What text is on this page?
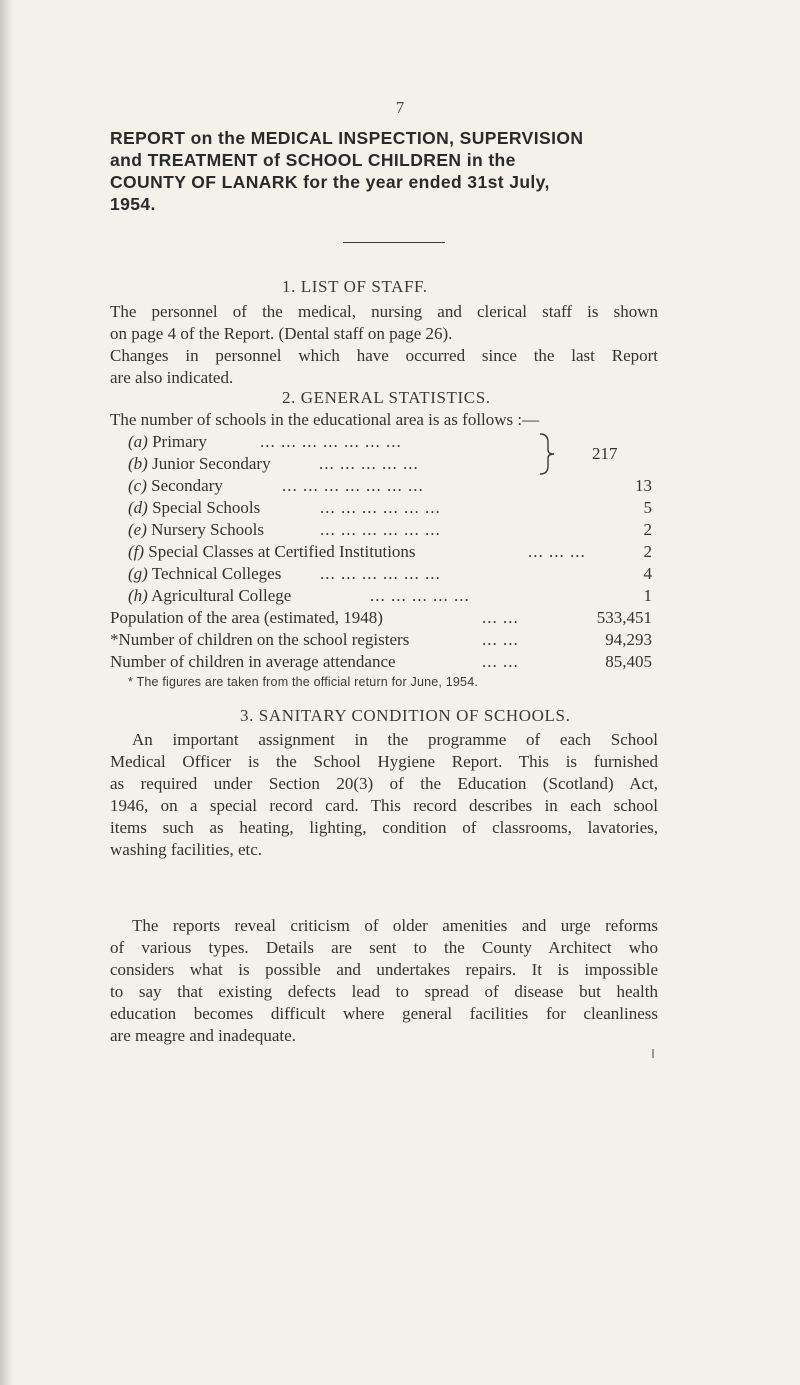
7
REPORT on the MEDICAL INSPECTION, SUPERVISION
and TREATMENT of SCHOOL CHILDREN in the
COUNTY OF LANARK for the year ended 31st July,
1954.
1. LIST OF STAFF.
The personnel of the medical, nursing and clerical staff is shown
on page 4 of the Report. (Dental staff on page 26).
Changes in personnel which have occurred since the last Report
are also indicated.
2. GENERAL STATISTICS.
The number of schools in the educational area is as follows :—
(a) Primary	... ... ... ... ... ... ...
(b) Junior Secondary	... ... ... ... ...
217
(c) Secondary	... ... ... ... ... ... ...	13
(d) Special Schools	... ... ... ... ... ...	5
(e) Nursery Schools	... ... ... ... ... ...	2
(f) Special Classes at Certified Institutions	... ... ...	2
(g) Technical Colleges ... ... ... ... ... ...	4
(h) Agricultural College	... ... ... ... ...	1
Population of the area (estimated, 1948)	... ...	533,451
*Number of children on the school registers	... ...	94,293
Number of children in average attendance	... ...	85,405
* The figures are taken from the official return for June, 1954.
3. SANITARY CONDITION OF SCHOOLS.
An important assignment in the programme of each School
Medical Officer is the School Hygiene Report. This is furnished
as required under Section 20(3) of the Education (Scotland) Act,
1946, on a special record card. This record describes in each school
items such as heating, lighting, condition of classrooms, lavatories,
washing facilities, etc.
The reports reveal criticism of older amenities and urge reforms
of various types. Details are sent to the County Architect who
considers what is possible and undertakes repairs. It is impossible
to say that existing defects lead to spread of disease but health
education becomes difficult where general facilities for cleanliness
are meagre and inadequate.
